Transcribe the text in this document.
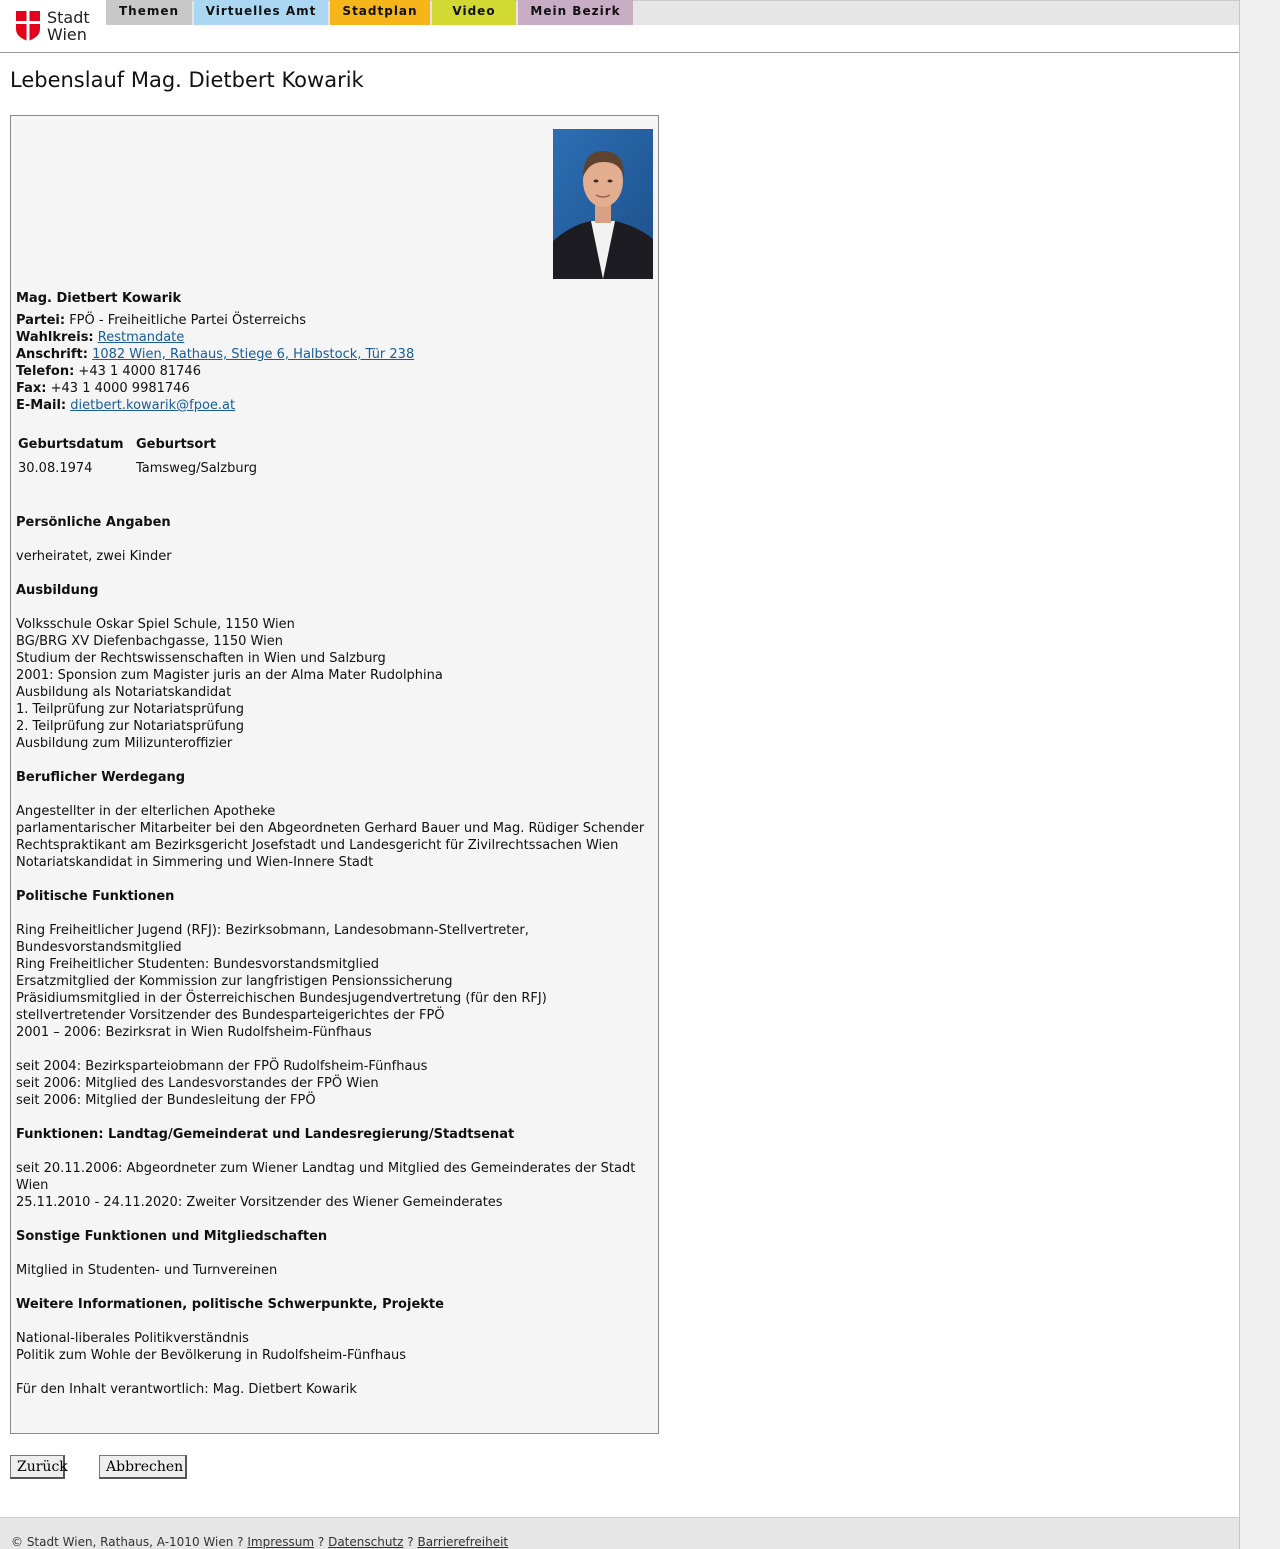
Stadt
Wien
Themen	Virtuelles Amt	Stadtplan	Video	Mein Bezirk
Lebenslauf Mag. Dietbert Kowarik
Mag. Dietbert Kowarik
Partei: FPÖ - Freiheitliche Partei Österreichs
Wahlkreis: Restmandate
Anschrift: 1082 Wien, Rathaus, Stiege 6, Halbstock, Tür 238
Telefon: +43 1 4000 81746
Fax: +43 1 4000 9981746
E-Mail: dietbert.kowarik@fpoe.at
Geburtsdatum Geburtsort
30.08.1974	Tamsweg/Salzburg
Persönliche Angaben
verheiratet, zwei Kinder
Ausbildung
Volksschule Oskar Spiel Schule, 1150 Wien
BG/BRG XV Diefenbachgasse, 1150 Wien
Studium der Rechtswissenschaften in Wien und Salzburg
2001: Sponsion zum Magister juris an der Alma Mater Rudolphina
Ausbildung als Notariatskandidat
1. Teilprüfung zur Notariatsprüfung
2. Teilprüfung zur Notariatsprüfung
Ausbildung zum Milizunteroffizier
Beruflicher Werdegang
Angestellter in der elterlichen Apotheke
parlamentarischer Mitarbeiter bei den Abgeordneten Gerhard Bauer und Mag. Rüdiger Schender
Rechtspraktikant am Bezirksgericht Josefstadt und Landesgericht für Zivilrechtssachen Wien
Notariatskandidat in Simmering und Wien-Innere Stadt
Politische Funktionen
Ring Freiheitlicher Jugend (RFJ): Bezirksobmann, Landesobmann-Stellvertreter,
Bundesvorstandsmitglied
Ring Freiheitlicher Studenten: Bundesvorstandsmitglied
Ersatzmitglied der Kommission zur langfristigen Pensionssicherung
Präsidiumsmitglied in der Österreichischen Bundesjugendvertretung (für den RFJ)
stellvertretender Vorsitzender des Bundesparteigerichtes der FPÖ
2001 – 2006: Bezirksrat in Wien Rudolfsheim-Fünfhaus
seit 2004: Bezirksparteiobmann der FPÖ Rudolfsheim-Fünfhaus
seit 2006: Mitglied des Landesvorstandes der FPÖ Wien
seit 2006: Mitglied der Bundesleitung der FPÖ
Funktionen: Landtag/Gemeinderat und Landesregierung/Stadtsenat
seit 20.11.2006: Abgeordneter zum Wiener Landtag und Mitglied des Gemeinderates der Stadt
Wien
25.11.2010 - 24.11.2020: Zweiter Vorsitzender des Wiener Gemeinderates
Sonstige Funktionen und Mitgliedschaften
Mitglied in Studenten- und Turnvereinen
Weitere Informationen, politische Schwerpunkte, Projekte
National-liberales Politikverständnis
Politik zum Wohle der Bevölkerung in Rudolfsheim-Fünfhaus
Für den Inhalt verantwortlich: Mag. Dietbert Kowarik
Zurück	Abbrechen
© Stadt Wien, Rathaus, A-1010 Wien ? Impressum ? Datenschutz ? Barrierefreiheit
